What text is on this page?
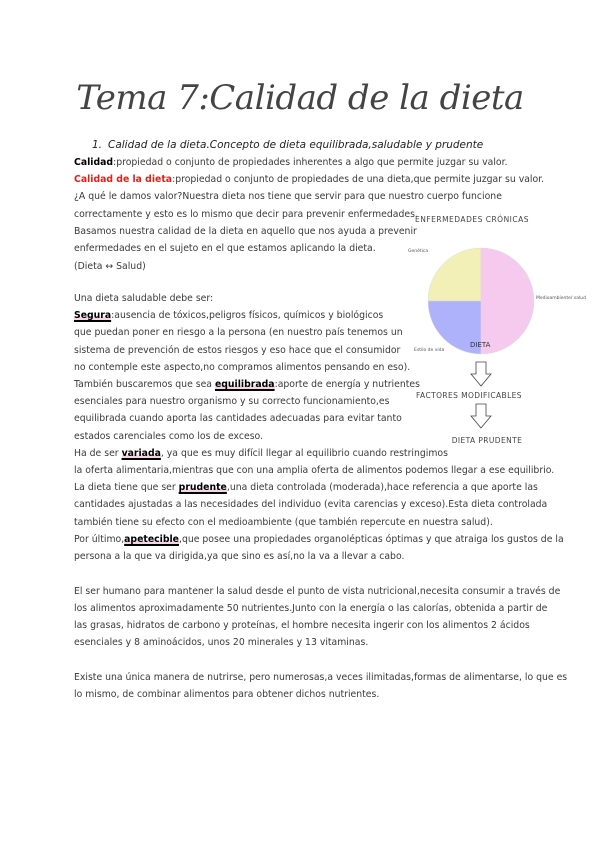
Tema 7:Calidad de la dieta
1. Calidad de la dieta.Concepto de dieta equilibrada,saludable y prudente
Calidad:propiedad o conjunto de propiedades inherentes a algo que permite juzgar su valor.
Calidad de la dieta:propiedad o conjunto de propiedades de una dieta,que permite juzgar su valor.
¿A qué le damos valor?Nuestra dieta nos tiene que servir para que nuestro cuerpo funcione
correctamente y esto es lo mismo que decir para prevenir enfermedades.
Basamos nuestra calidad de la dieta en aquello que nos ayuda a prevenir
enfermedades en el sujeto en el que estamos aplicando la dieta.
(Dieta ↔ Salud)
Una dieta saludable debe ser:
Segura:ausencia de tóxicos,peligros físicos, químicos y biológicos
que puedan poner en riesgo a la persona (en nuestro país tenemos un
sistema de prevención de estos riesgos y eso hace que el consumidor
no contemple este aspecto,no compramos alimentos pensando en eso).
También buscaremos que sea equilibrada:aporte de energía y nutrientes
esenciales para nuestro organismo y su correcto funcionamiento,es
equilibrada cuando aporta las cantidades adecuadas para evitar tanto
estados carenciales como los de exceso.
Ha de ser variada, ya que es muy difícil llegar al equilibrio cuando restringimos
la oferta alimentaria,mientras que con una amplia oferta de alimentos podemos llegar a ese equilibrio.
La dieta tiene que ser prudente,una dieta controlada (moderada),hace referencia a que aporte las
cantidades ajustadas a las necesidades del individuo (evita carencias y exceso).Esta dieta controlada
también tiene su efecto con el medioambiente (que también repercute en nuestra salud).
Por último,apetecible,que posee una propiedades organolépticas óptimas y que atraiga los gustos de la
persona a la que va dirigida,ya que sino es así,no la va a llevar a cabo.
El ser humano para mantener la salud desde el punto de vista nutricional,necesita consumir a través de
los alimentos aproximadamente 50 nutrientes.Junto con la energía o las calorías, obtenida a partir de
las grasas, hidratos de carbono y proteínas, el hombre necesita ingerir con los alimentos 2 ácidos
esenciales y 8 aminoácidos, unos 20 minerales y 13 vitaminas.
Existe una única manera de nutrirse, pero numerosas,a veces ilimitadas,formas de alimentarse, lo que es
lo mismo, de combinar alimentos para obtener dichos nutrientes.
ENFERMEDADES CRÓNICAS
Genética
Medioambiente/ salud
Estilo de vida
DIETA
FACTORES MODIFICABLES
DIETA PRUDENTE
